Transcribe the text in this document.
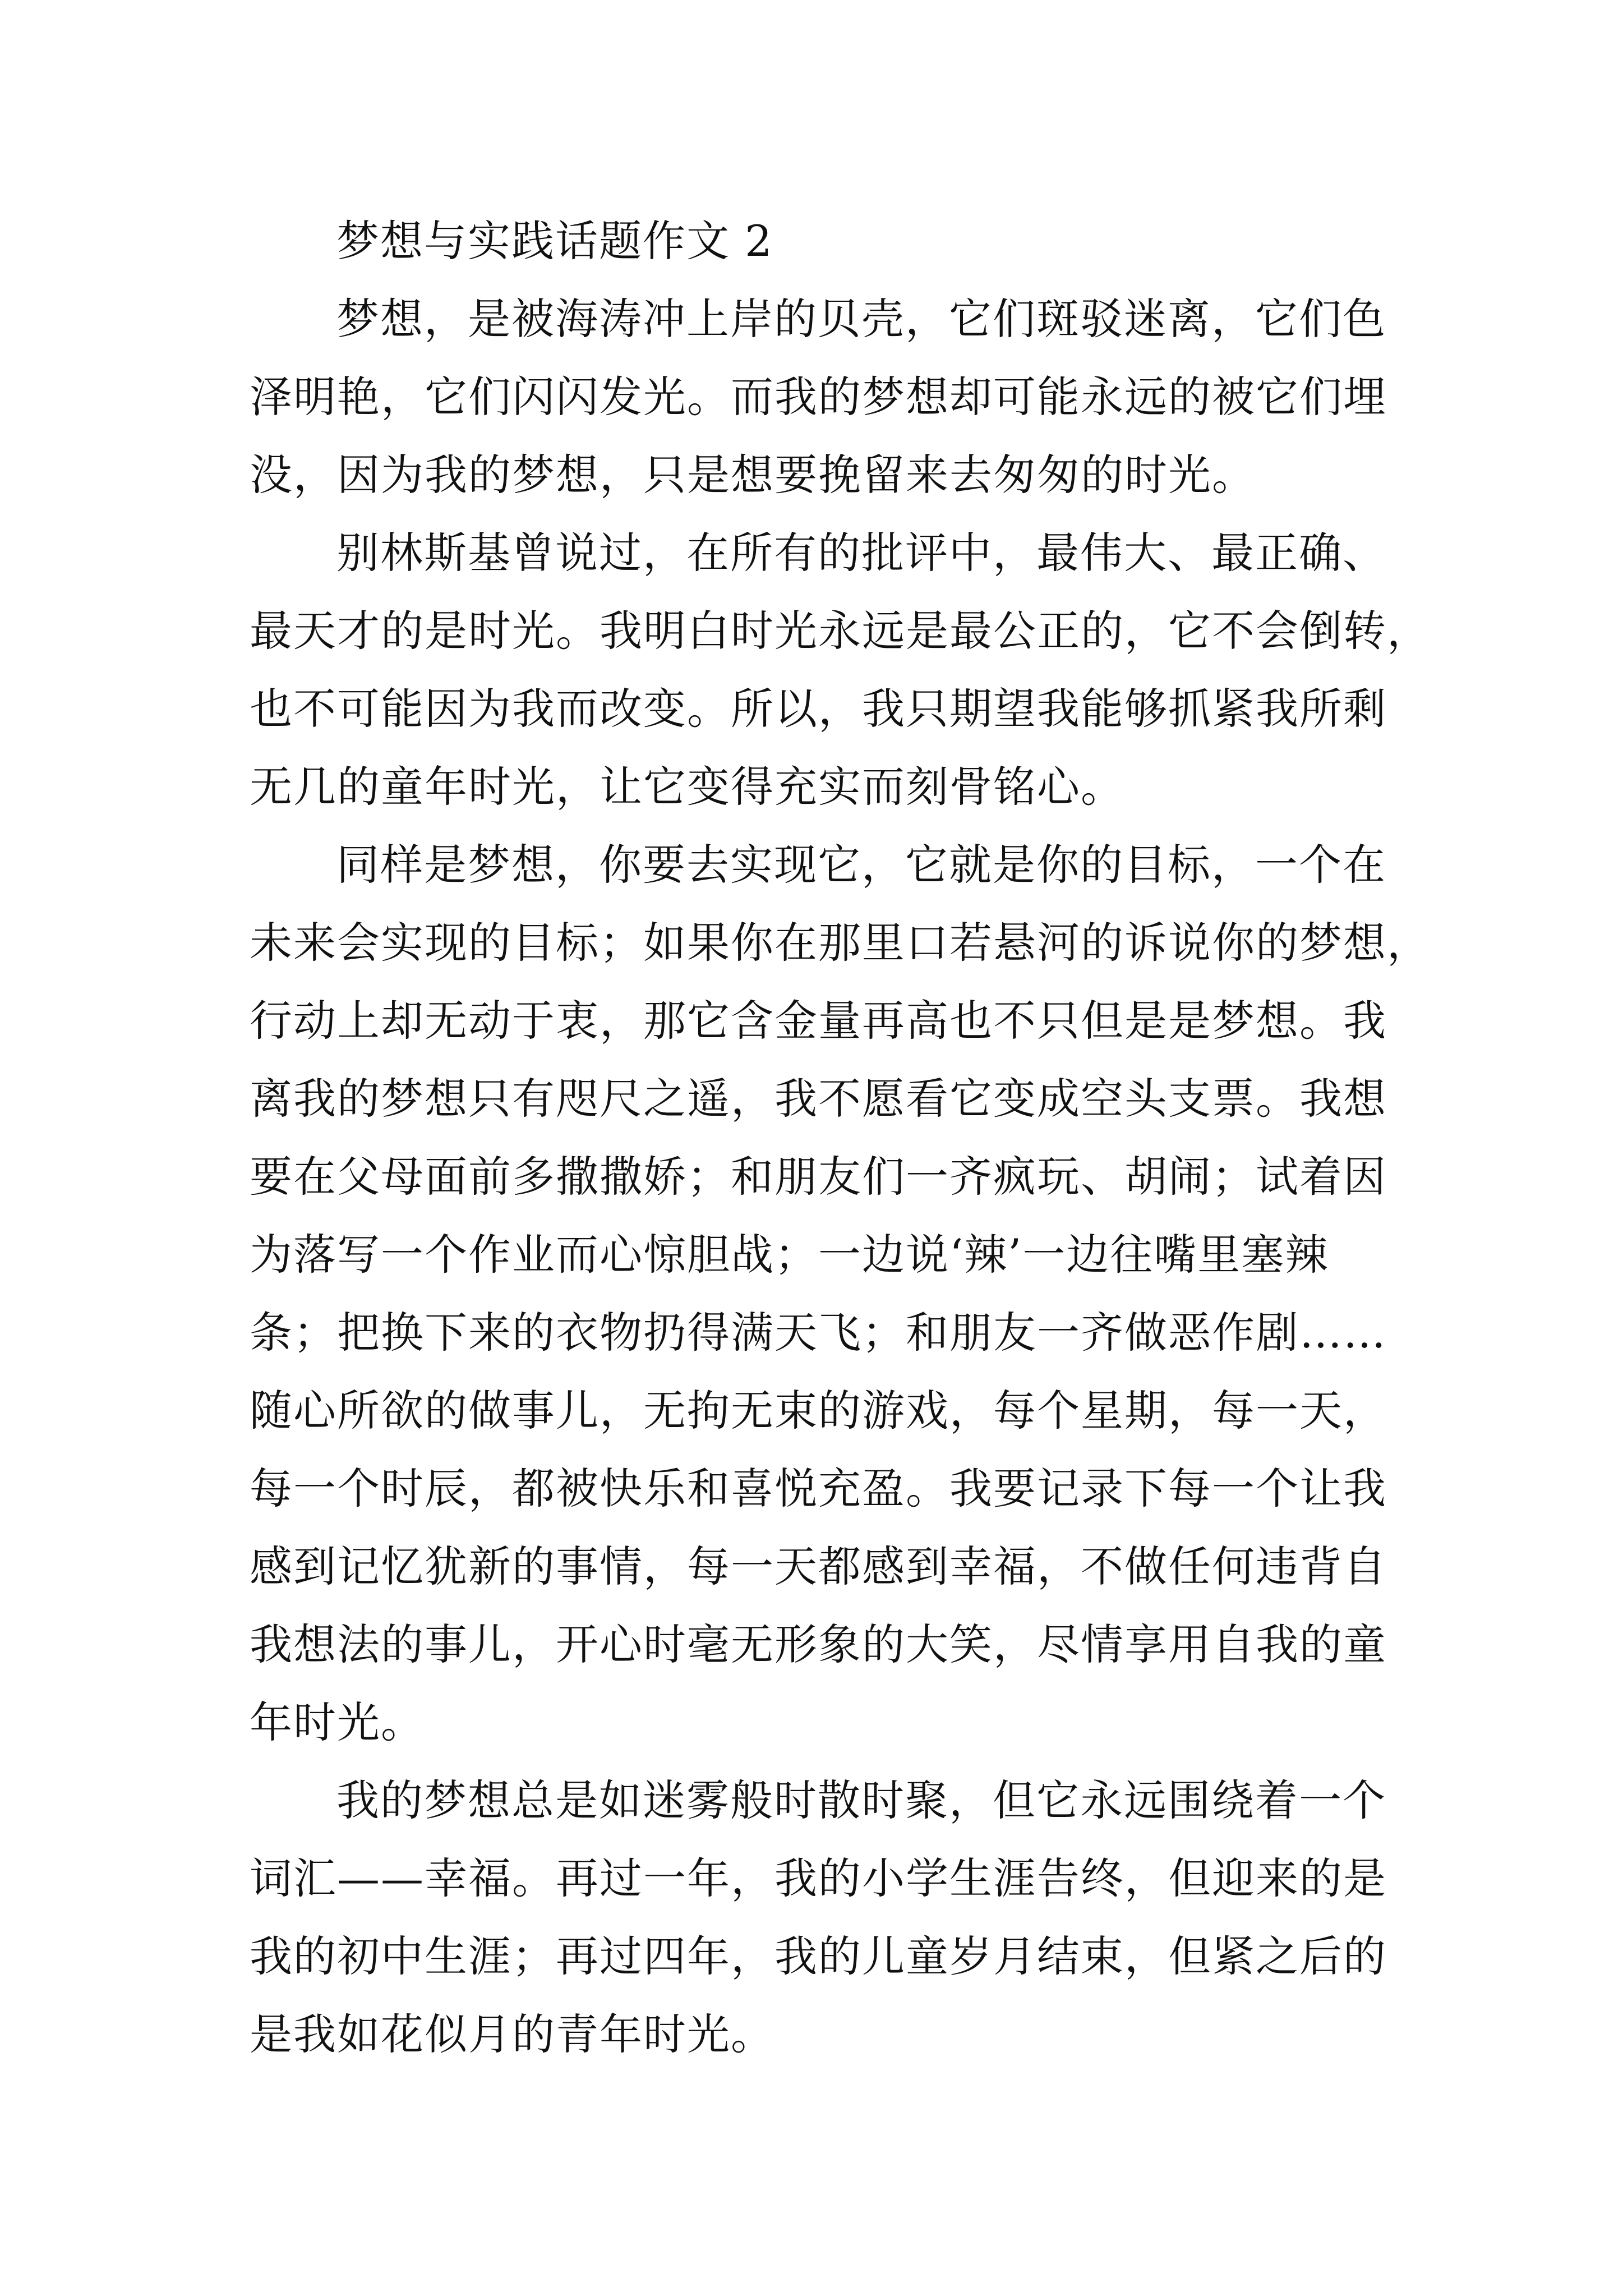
梦想与实践话题作文 2

梦想，是被海涛冲上岸的贝壳，它们斑驳迷离，它们色
泽明艳，它们闪闪发光。而我的梦想却可能永远的被它们埋
没，因为我的梦想，只是想要挽留来去匆匆的时光。

别林斯基曾说过，在所有的批评中，最伟大、最正确、
最天才的是时光。我明白时光永远是最公正的，它不会倒转，
也不可能因为我而改变。所以，我只期望我能够抓紧我所剩
无几的童年时光，让它变得充实而刻骨铭心。

同样是梦想，你要去实现它，它就是你的目标，一个在
未来会实现的目标；如果你在那里口若悬河的诉说你的梦想，
行动上却无动于衷，那它含金量再高也不只但是是梦想。我
离我的梦想只有咫尺之遥，我不愿看它变成空头支票。我想
要在父母面前多撒撒娇；和朋友们一齐疯玩、胡闹；试着因
为落写一个作业而心惊胆战；一边说‘辣’一边往嘴里塞辣
条；把换下来的衣物扔得满天飞；和朋友一齐做恶作剧……
随心所欲的做事儿，无拘无束的游戏，每个星期，每一天，
每一个时辰，都被快乐和喜悦充盈。我要记录下每一个让我
感到记忆犹新的事情，每一天都感到幸福，不做任何违背自
我想法的事儿，开心时毫无形象的大笑，尽情享用自我的童
年时光。

我的梦想总是如迷雾般时散时聚，但它永远围绕着一个
词汇——幸福。再过一年，我的小学生涯告终，但迎来的是
我的初中生涯；再过四年，我的儿童岁月结束，但紧之后的
是我如花似月的青年时光。
